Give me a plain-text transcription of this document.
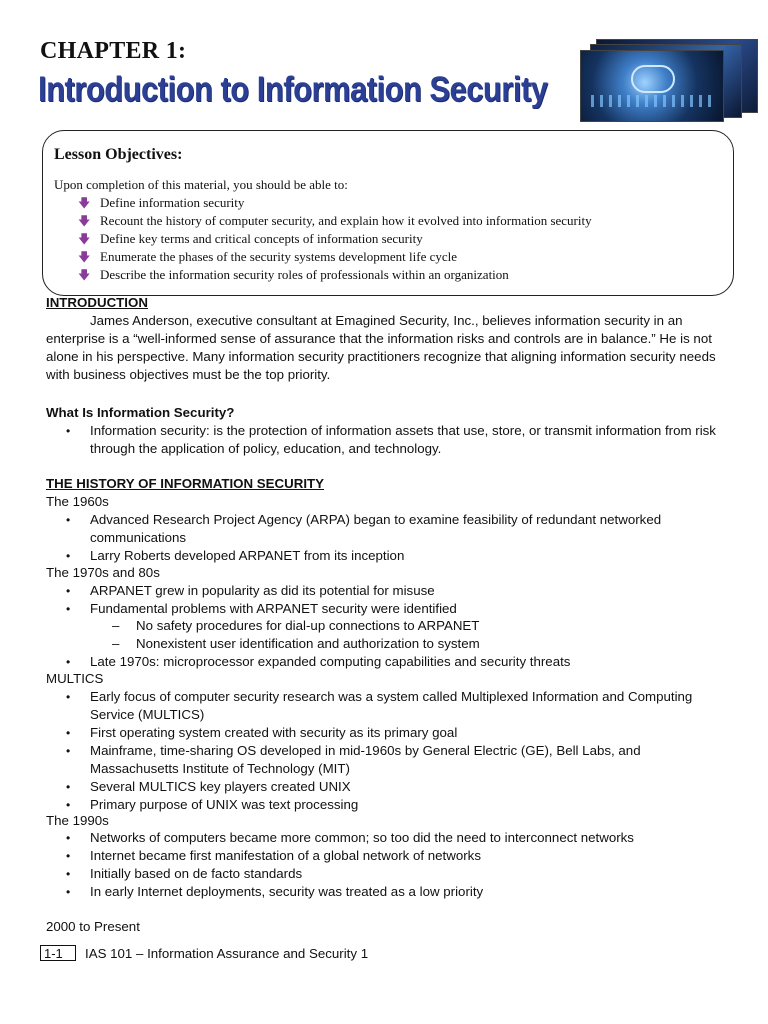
CHAPTER 1:
Introduction to Information Security
Lesson Objectives:
Upon completion of this material, you should be able to:
🡇 Define information security
🡇 Recount the history of computer security, and explain how it evolved into information security
🡇 Define key terms and critical concepts of information security
🡇 Enumerate the phases of the security systems development life cycle
🡇 Describe the information security roles of professionals within an organization
INTRODUCTION

James Anderson, executive consultant at Emagined Security, Inc., believes information security in an enterprise is a “well-informed sense of assurance that the information risks and controls are in balance.” He is not alone in his perspective. Many information security practitioners recognize that aligning information security needs with business objectives must be the top priority.

What Is Information Security?
• Information security: is the protection of information assets that use, store, or transmit information from risk through the application of policy, education, and technology.
THE HISTORY OF INFORMATION SECURITY
The 1960s
• Advanced Research Project Agency (ARPA) began to examine feasibility of redundant networked communications
• Larry Roberts developed ARPANET from its inception
The 1970s and 80s
• ARPANET grew in popularity as did its potential for misuse
• Fundamental problems with ARPANET security were identified
– No safety procedures for dial-up connections to ARPANET
– Nonexistent user identification and authorization to system
• Late 1970s: microprocessor expanded computing capabilities and security threats
MULTICS
• Early focus of computer security research was a system called Multiplexed Information and Computing Service (MULTICS)
• First operating system created with security as its primary goal
• Mainframe, time-sharing OS developed in mid-1960s by General Electric (GE), Bell Labs, and Massachusetts Institute of Technology (MIT)
• Several MULTICS key players created UNIX
• Primary purpose of UNIX was text processing
The 1990s
• Networks of computers became more common; so too did the need to interconnect networks
• Internet became first manifestation of a global network of networks
• Initially based on de facto standards
• In early Internet deployments, security was treated as a low priority
2000 to Present
1-1	IAS 101 – Information Assurance and Security 1
